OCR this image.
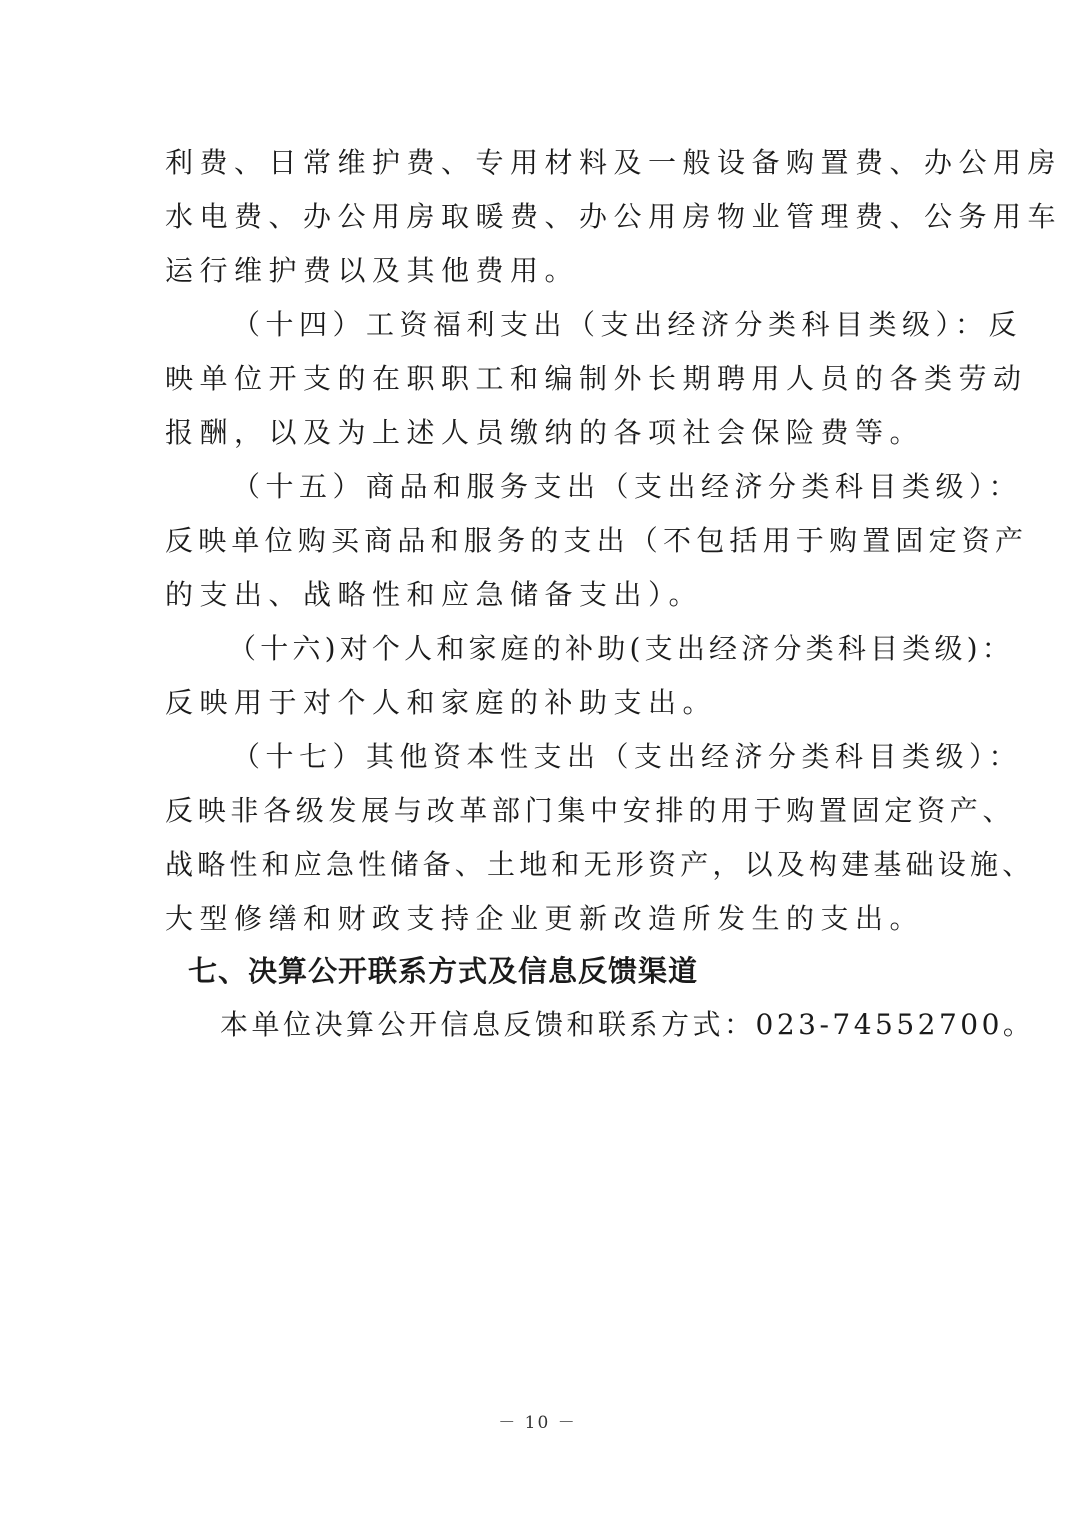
利费、日常维护费、专用材料及一般设备购置费、办公用房
水电费、办公用房取暖费、办公用房物业管理费、公务用车
运行维护费以及其他费用。
（十四）工资福利支出（支出经济分类科目类级）：反
映单位开支的在职职工和编制外长期聘用人员的各类劳动
报酬，以及为上述人员缴纳的各项社会保险费等。
（十五）商品和服务支出（支出经济分类科目类级）：
反映单位购买商品和服务的支出（不包括用于购置固定资产
的支出、战略性和应急储备支出）。
（十六)对个人和家庭的补助(支出经济分类科目类级)：
反映用于对个人和家庭的补助支出。
（十七）其他资本性支出（支出经济分类科目类级）：
反映非各级发展与改革部门集中安排的用于购置固定资产、
战略性和应急性储备、土地和无形资产，以及构建基础设施、
大型修缮和财政支持企业更新改造所发生的支出。
七、决算公开联系方式及信息反馈渠道
本单位决算公开信息反馈和联系方式：023-74552700。
－ 10 －
